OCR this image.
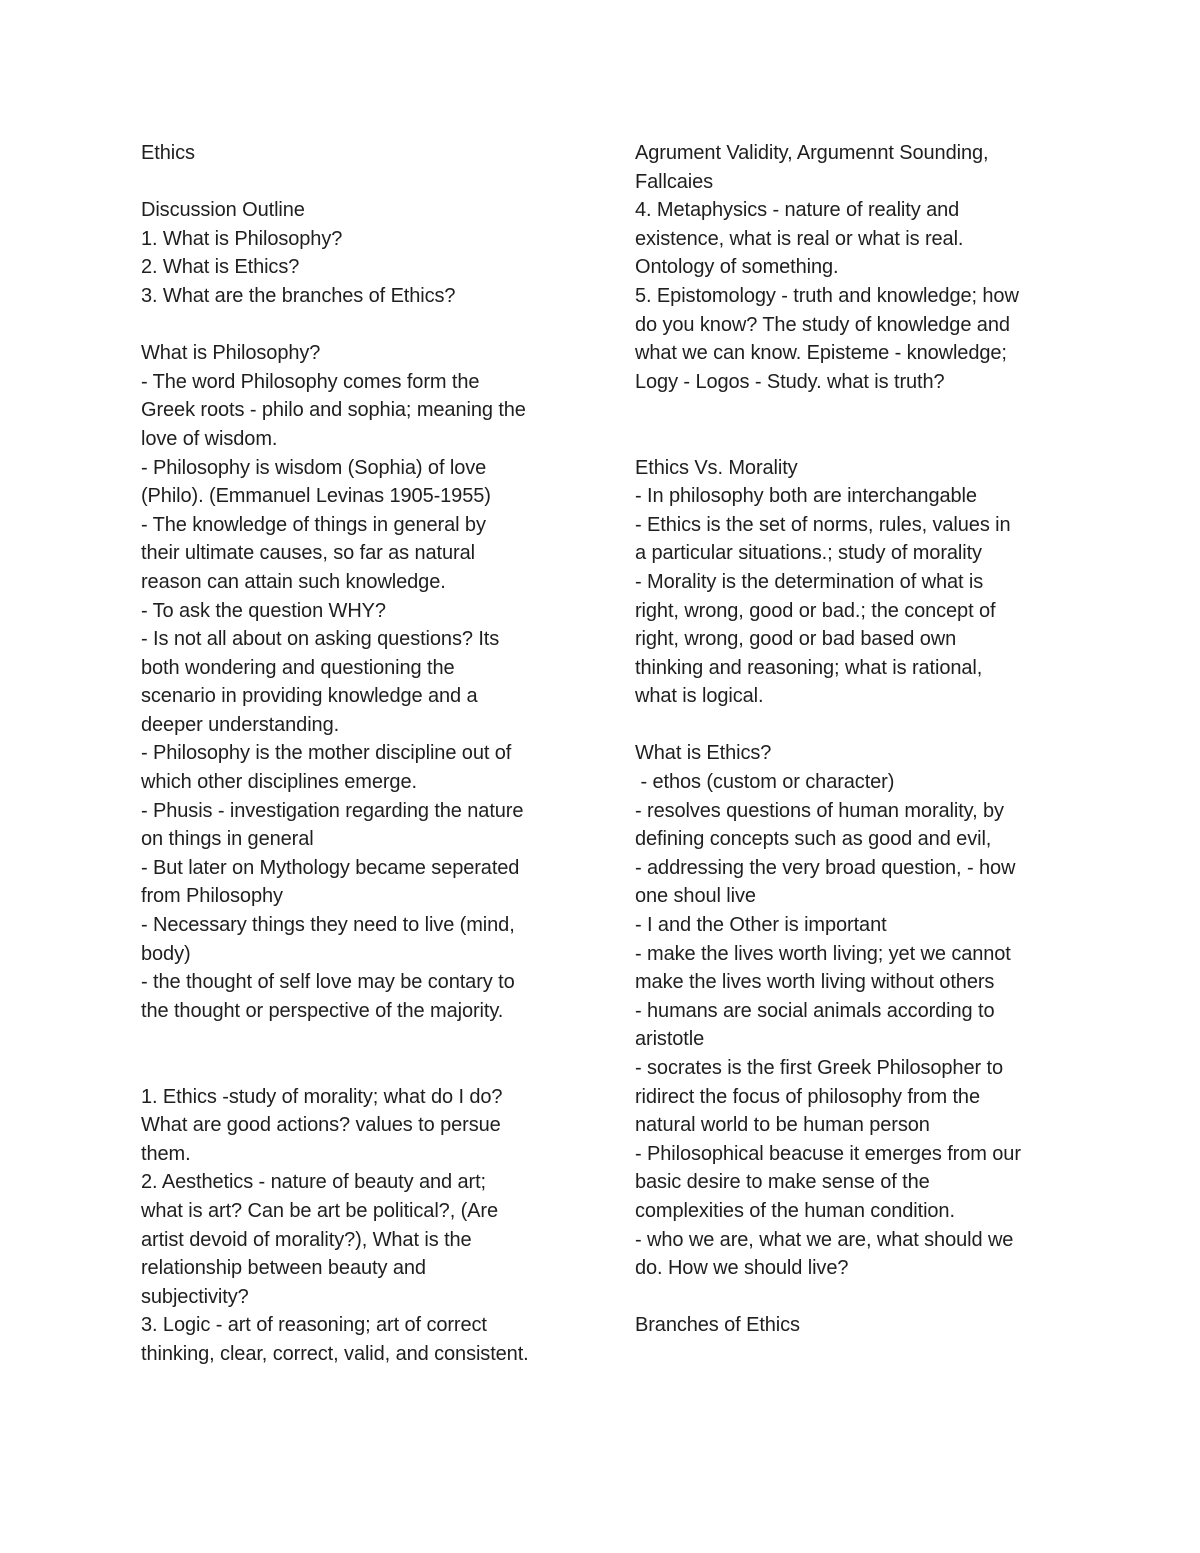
Ethics
Discussion Outline
1. What is Philosophy?
2. What is Ethics?
3. What are the branches of Ethics?
What is Philosophy?
- The word Philosophy comes form the
Greek roots - philo and sophia; meaning the
love of wisdom.
- Philosophy is wisdom (Sophia) of love
(Philo). (Emmanuel Levinas 1905-1955)
- The knowledge of things in general by
their ultimate causes, so far as natural
reason can attain such knowledge.
- To ask the question WHY?
- Is not all about on asking questions? Its
both wondering and questioning the
scenario in providing knowledge and a
deeper understanding.
- Philosophy is the mother discipline out of
which other disciplines emerge.
- Phusis - investigation regarding the nature
on things in general
- But later on Mythology became seperated
from Philosophy
- Necessary things they need to live (mind,
body)
- the thought of self love may be contary to
the thought or perspective of the majority.
1. Ethics -study of morality; what do I do?
What are good actions? values to persue
them.
2. Aesthetics - nature of beauty and art;
what is art? Can be art be political?, (Are
artist devoid of morality?), What is the
relationship between beauty and
subjectivity?
3. Logic - art of reasoning; art of correct
thinking, clear, correct, valid, and consistent.
Agrument Validity, Argumennt Sounding,
Fallcaies
4. Metaphysics - nature of reality and
existence, what is real or what is real.
Ontology of something.
5. Epistomology - truth and knowledge; how
do you know? The study of knowledge and
what we can know. Episteme - knowledge;
Logy - Logos - Study. what is truth?
Ethics Vs. Morality
- In philosophy both are interchangable
- Ethics is the set of norms, rules, values in
a particular situations.; study of morality
- Morality is the determination of what is
right, wrong, good or bad.; the concept of
right, wrong, good or bad based own
thinking and reasoning; what is rational,
what is logical.
What is Ethics?
- ethos (custom or character)
- resolves questions of human morality, by
defining concepts such as good and evil,
- addressing the very broad question, - how
one shoul live
- I and the Other is important
- make the lives worth living; yet we cannot
make the lives worth living without others
- humans are social animals according to
aristotle
- socrates is the first Greek Philosopher to
ridirect the focus of philosophy from the
natural world to be human person
- Philosophical beacuse it emerges from our
basic desire to make sense of the
complexities of the human condition.
- who we are, what we are, what should we
do. How we should live?
Branches of Ethics
